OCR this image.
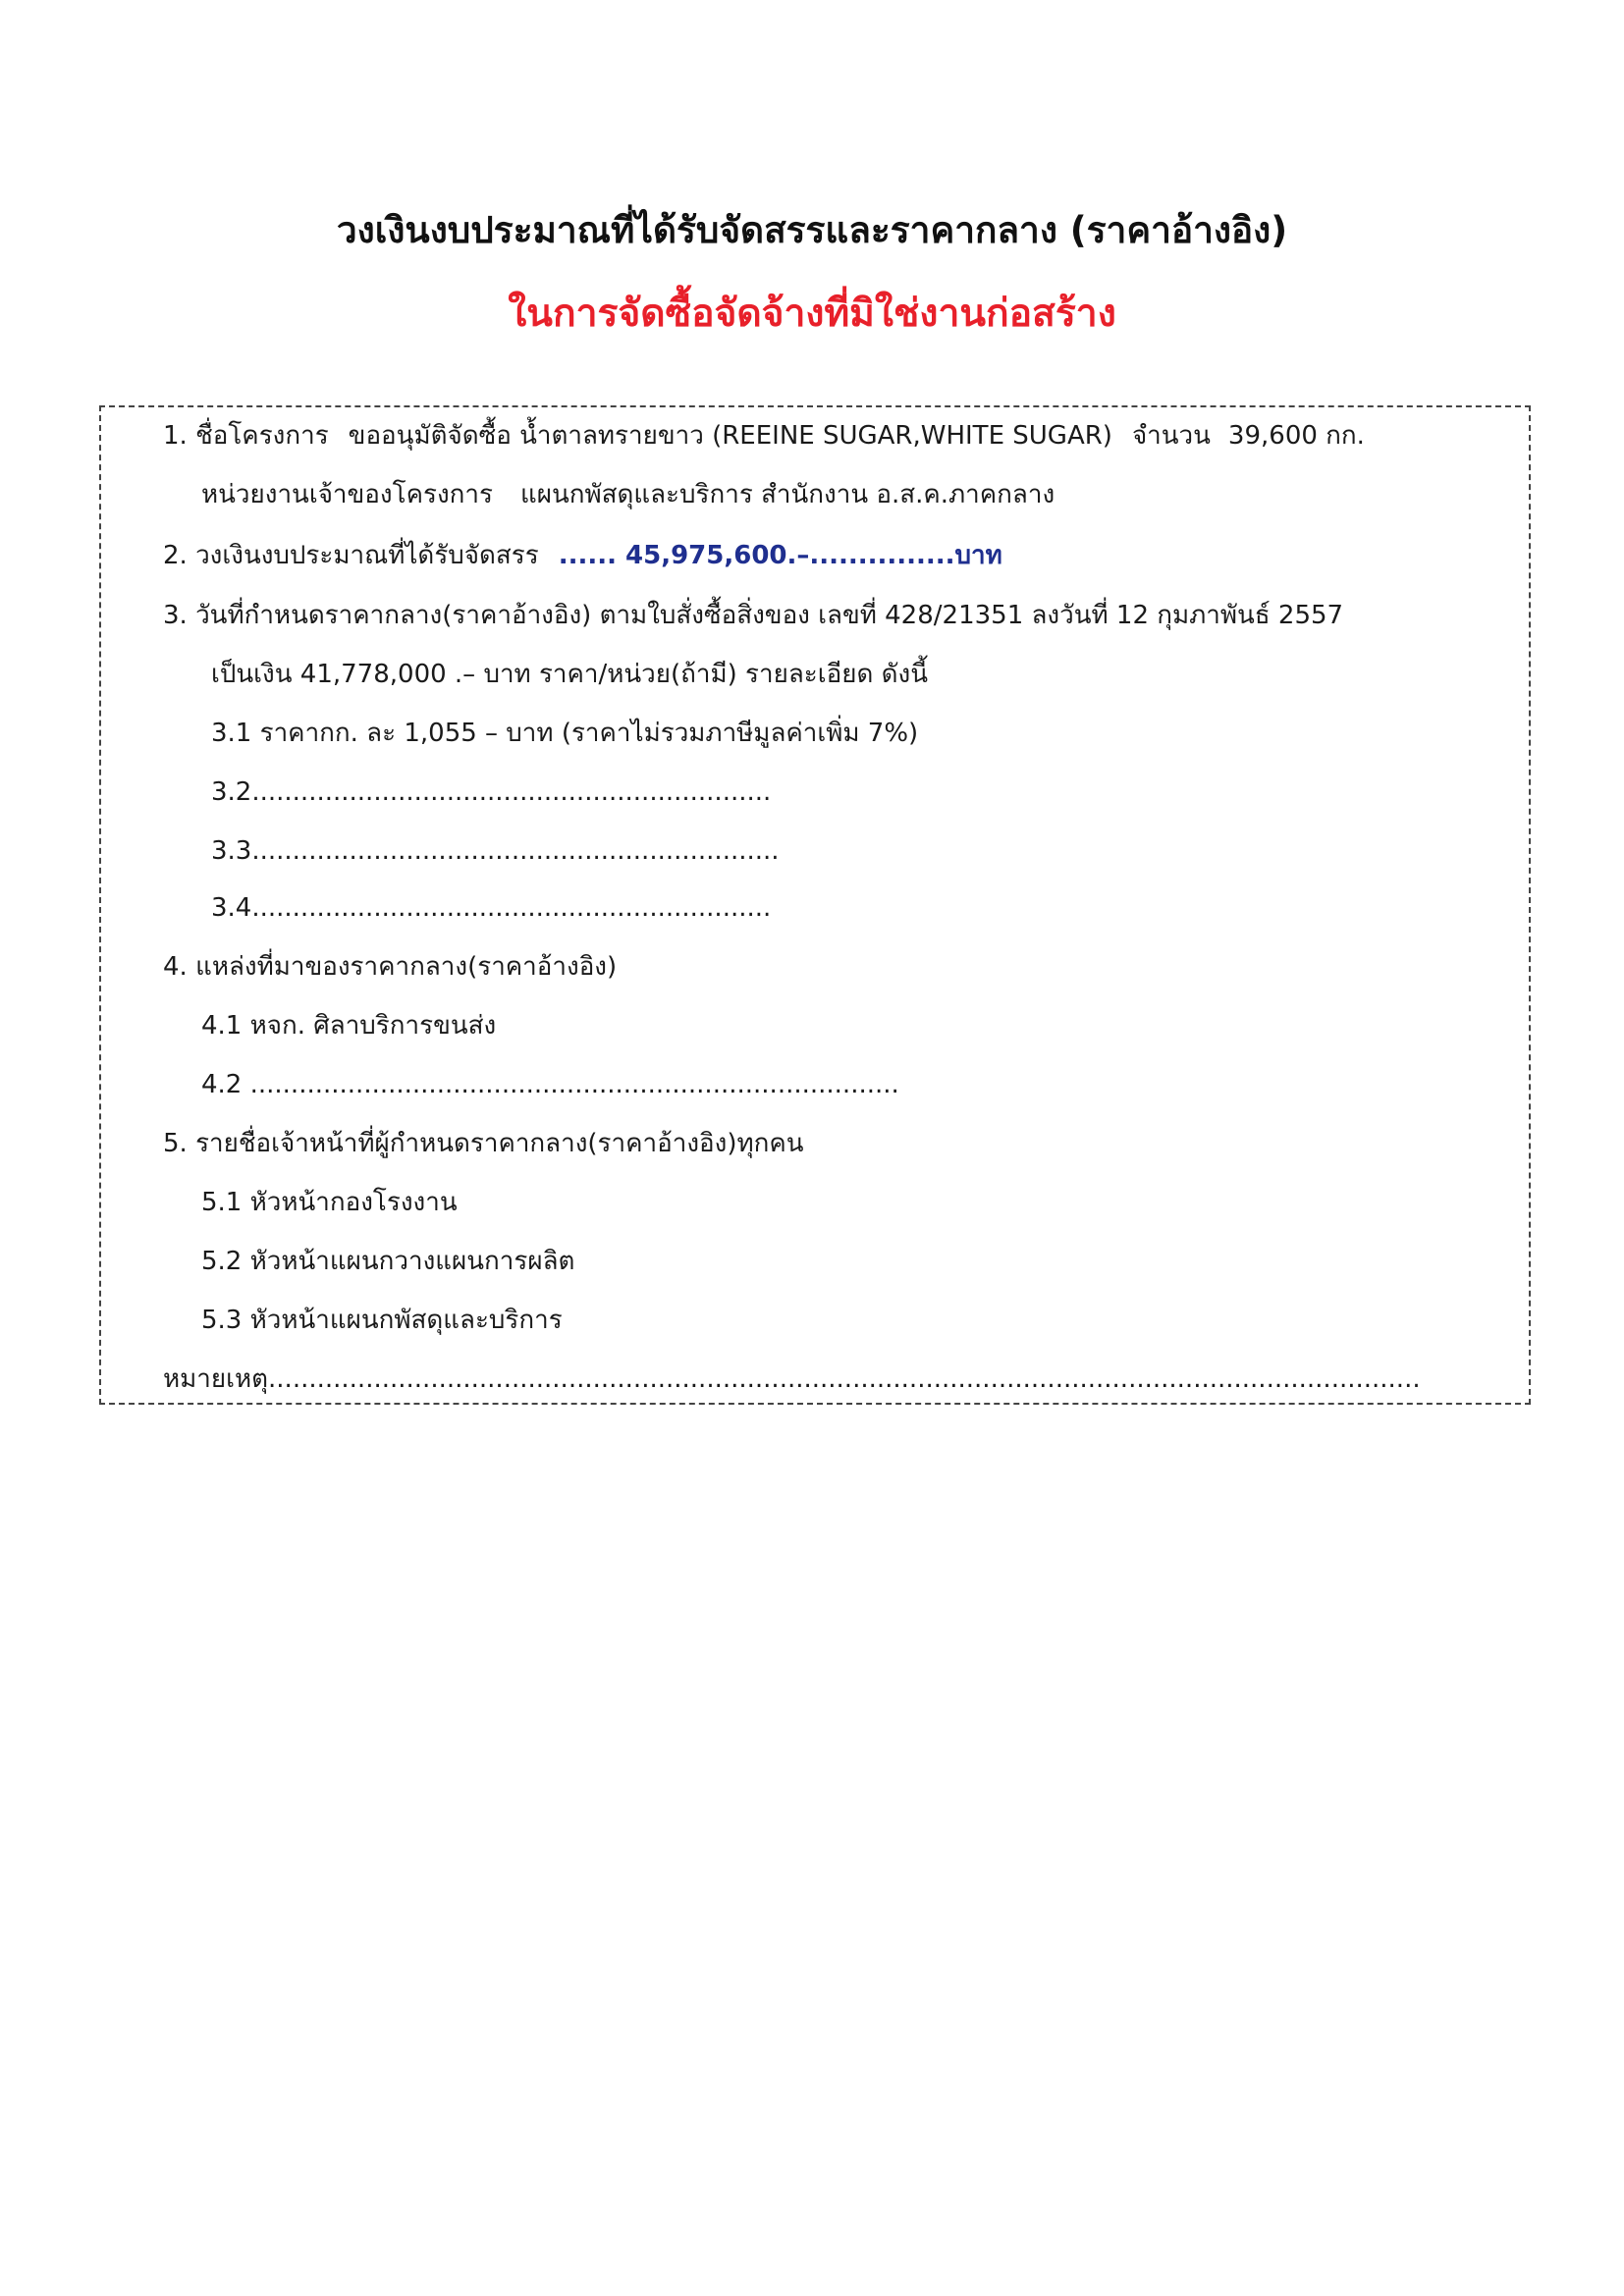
วงเงินงบประมาณที่ได้รับจัดสรรและราคากลาง (ราคาอ้างอิง)
ในการจัดซื้อจัดจ้างที่มิใช่งานก่อสร้าง
1. ชื่อโครงการ ขออนุมัติจัดซื้อ น้ำตาลทรายขาว (REEINE SUGAR,WHITE SUGAR) จำนวน 39,600 กก.
หน่วยงานเจ้าของโครงการ แผนกพัสดุและบริการ สำนักงาน อ.ส.ค.ภาคกลาง
2. วงเงินงบประมาณที่ได้รับจัดสรร ...... 45,975,600.–...............บาท
3. วันที่กำหนดราคากลาง(ราคาอ้างอิง) ตามใบสั่งซื้อสิ่งของ เลขที่ 428/21351 ลงวันที่ 12 กุมภาพันธ์ 2557
เป็นเงิน 41,778,000 .– บาท ราคา/หน่วย(ถ้ามี) รายละเอียด ดังนี้
3.1 ราคากก. ละ 1,055 – บาท (ราคาไม่รวมภาษีมูลค่าเพิ่ม 7%)
3.2................................................................
3.3.................................................................
3.4................................................................
4. แหล่งที่มาของราคากลาง(ราคาอ้างอิง)
4.1 หจก. ศิลาบริการขนส่ง
4.2 ................................................................................
5. รายชื่อเจ้าหน้าที่ผู้กำหนดราคากลาง(ราคาอ้างอิง)ทุกคน
5.1 หัวหน้ากองโรงงาน
5.2 หัวหน้าแผนกวางแผนการผลิต
5.3 หัวหน้าแผนกพัสดุและบริการ
หมายเหตุ..............................................................................................................................................
